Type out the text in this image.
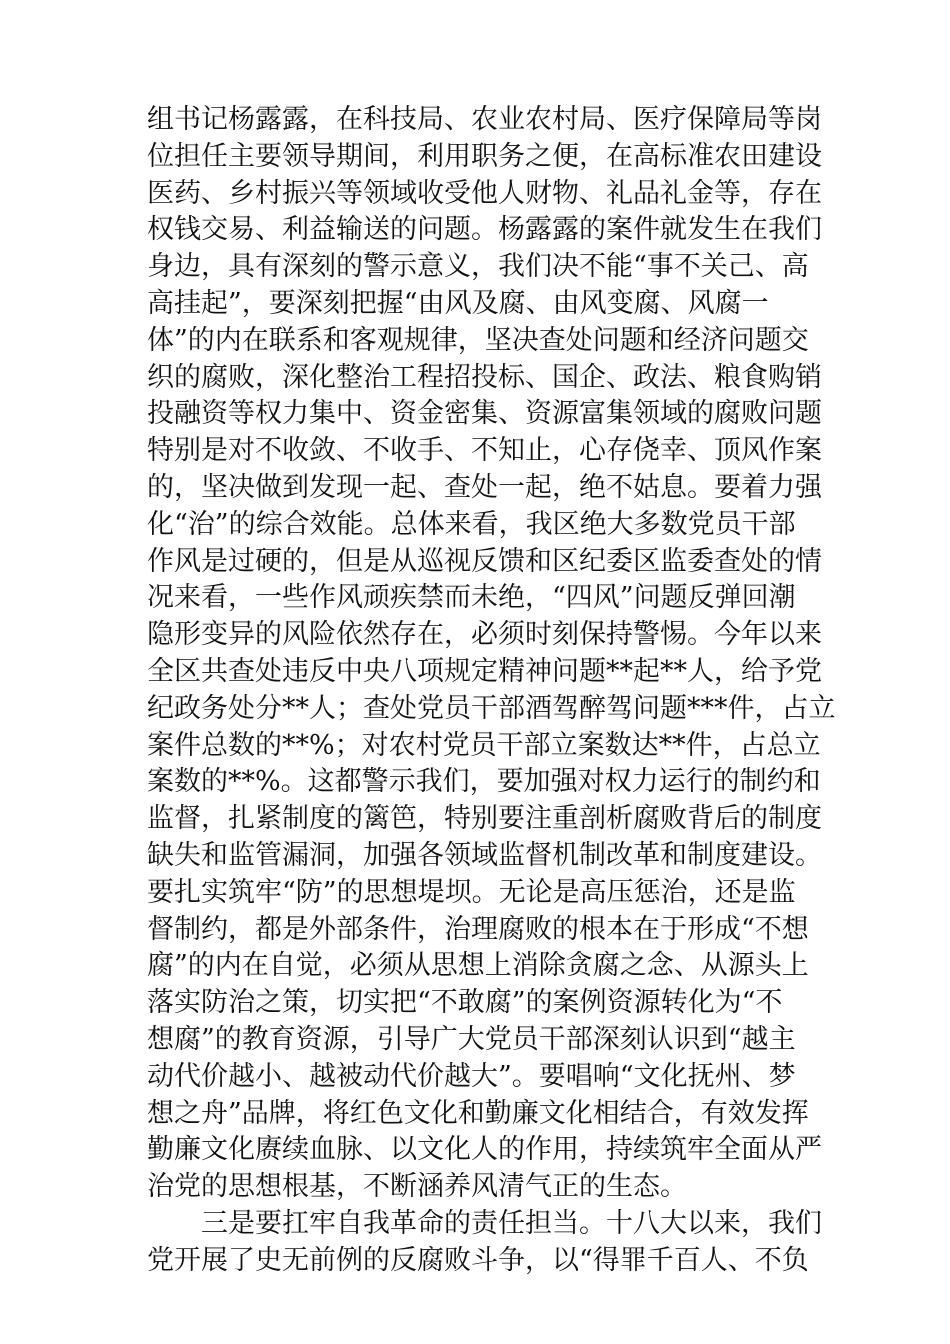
组书记杨露露，在科技局、农业农村局、医疗保障局等岗
位担任主要领导期间，利用职务之便，在高标准农田建设
医药、乡村振兴等领域收受他人财物、礼品礼金等，存在
权钱交易、利益输送的问题。杨露露的案件就发生在我们
身边，具有深刻的警示意义，我们决不能“事不关己、高
高挂起”，要深刻把握“由风及腐、由风变腐、风腐一
体”的内在联系和客观规律，坚决查处问题和经济问题交
织的腐败，深化整治工程招投标、国企、政法、粮食购销
投融资等权力集中、资金密集、资源富集领域的腐败问题
特别是对不收敛、不收手、不知止，心存侥幸、顶风作案
的，坚决做到发现一起、查处一起，绝不姑息。要着力强
化“治”的综合效能。总体来看，我区绝大多数党员干部
作风是过硬的，但是从巡视反馈和区纪委区监委查处的情
况来看，一些作风顽疾禁而未绝，“四风”问题反弹回潮
隐形变异的风险依然存在，必须时刻保持警惕。今年以来
全区共查处违反中央八项规定精神问题**起**人，给予党
纪政务处分**人；查处党员干部酒驾醉驾问题***件，占立
案件总数的**%；对农村党员干部立案数达**件，占总立
案数的**%。这都警示我们，要加强对权力运行的制约和
监督，扎紧制度的篱笆，特别要注重剖析腐败背后的制度
缺失和监管漏洞，加强各领域监督机制改革和制度建设。
要扎实筑牢“防”的思想堤坝。无论是高压惩治，还是监
督制约，都是外部条件，治理腐败的根本在于形成“不想
腐”的内在自觉，必须从思想上消除贪腐之念、从源头上
落实防治之策，切实把“不敢腐”的案例资源转化为“不
想腐”的教育资源，引导广大党员干部深刻认识到“越主
动代价越小、越被动代价越大”。要唱响“文化抚州、梦
想之舟”品牌，将红色文化和勤廉文化相结合，有效发挥
勤廉文化赓续血脉、以文化人的作用，持续筑牢全面从严
治党的思想根基，不断涵养风清气正的生态。
三是要扛牢自我革命的责任担当。十八大以来，我们
党开展了史无前例的反腐败斗争，以“得罪千百人、不负
